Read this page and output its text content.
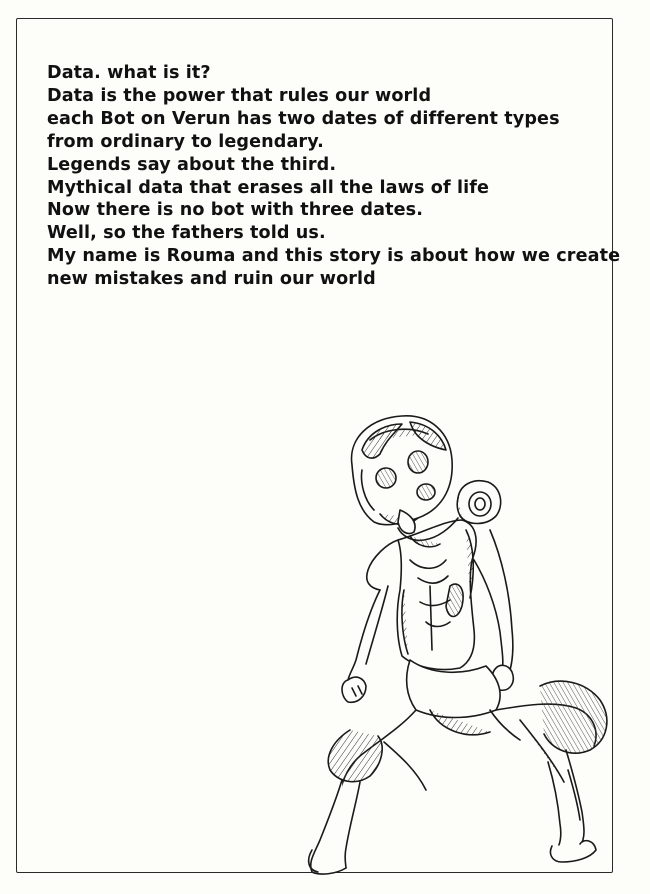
Data. what is it?
Data is the power that rules our world
each Bot on Verun has two dates of different types
from ordinary to legendary.
Legends say about the third.
Mythical data that erases all the laws of life
Now there is no bot with three dates.
Well, so the fathers told us.
My name is Rouma and this story is about how we create
new mistakes and ruin our world
